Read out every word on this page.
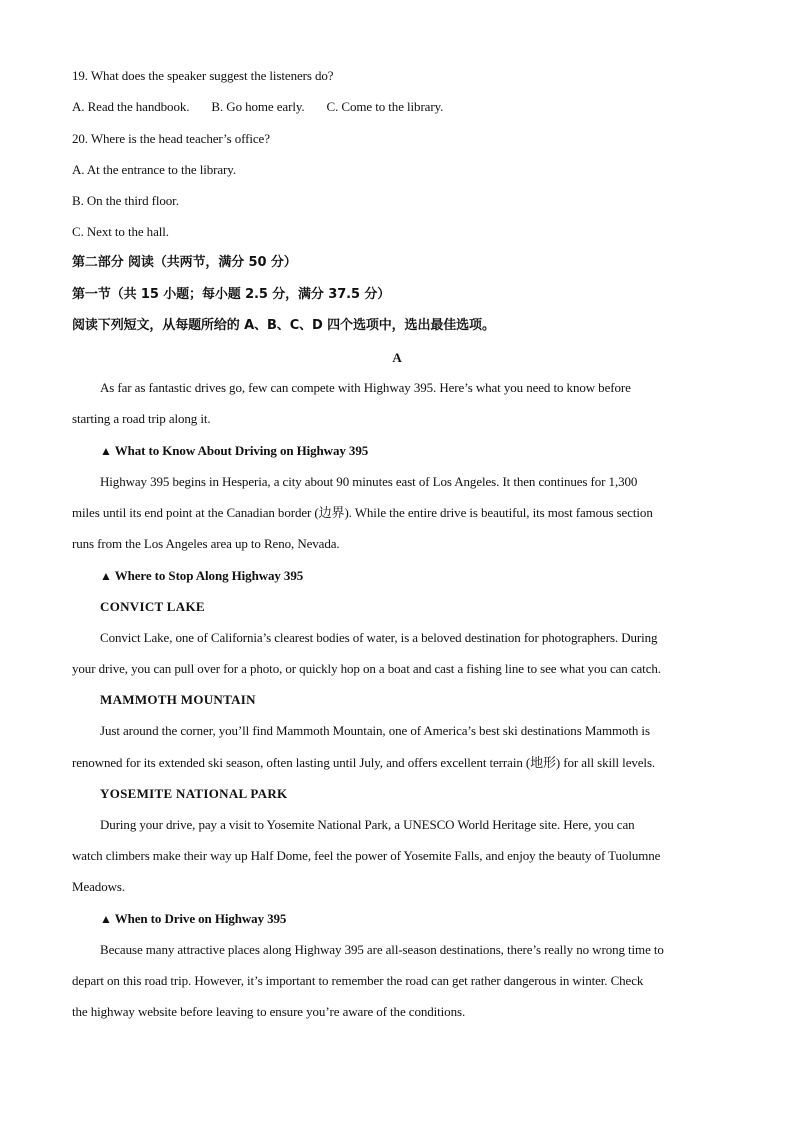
19. What does the speaker suggest the listeners do?
A. Read the handbook. B. Go home early. C. Come to the library.
20. Where is the head teacher’s office?
A. At the entrance to the library.
B. On the third floor.
C. Next to the hall.
第二部分 阅读（共两节，满分 50 分）
第一节（共 15 小题；每小题 2.5 分，满分 37.5 分）
阅读下列短文，从每题所给的 A、B、C、D 四个选项中，选出最佳选项。
A
As far as fantastic drives go, few can compete with Highway 395. Here’s what you need to know before
starting a road trip along it.
▲ What to Know About Driving on Highway 395
Highway 395 begins in Hesperia, a city about 90 minutes east of Los Angeles. It then continues for 1,300
miles until its end point at the Canadian border (边界). While the entire drive is beautiful, its most famous section
runs from the Los Angeles area up to Reno, Nevada.
▲ Where to Stop Along Highway 395
CONVICT LAKE
Convict Lake, one of California’s clearest bodies of water, is a beloved destination for photographers. During
your drive, you can pull over for a photo, or quickly hop on a boat and cast a fishing line to see what you can catch.
MAMMOTH MOUNTAIN
Just around the corner, you’ll find Mammoth Mountain, one of America’s best ski destinations Mammoth is
renowned for its extended ski season, often lasting until July, and offers excellent terrain (地形) for all skill levels.
YOSEMITE NATIONAL PARK
During your drive, pay a visit to Yosemite National Park, a UNESCO World Heritage site. Here, you can
watch climbers make their way up Half Dome, feel the power of Yosemite Falls, and enjoy the beauty of Tuolumne
Meadows.
▲ When to Drive on Highway 395
Because many attractive places along Highway 395 are all-season destinations, there’s really no wrong time to
depart on this road trip. However, it’s important to remember the road can get rather dangerous in winter. Check
the highway website before leaving to ensure you’re aware of the conditions.
